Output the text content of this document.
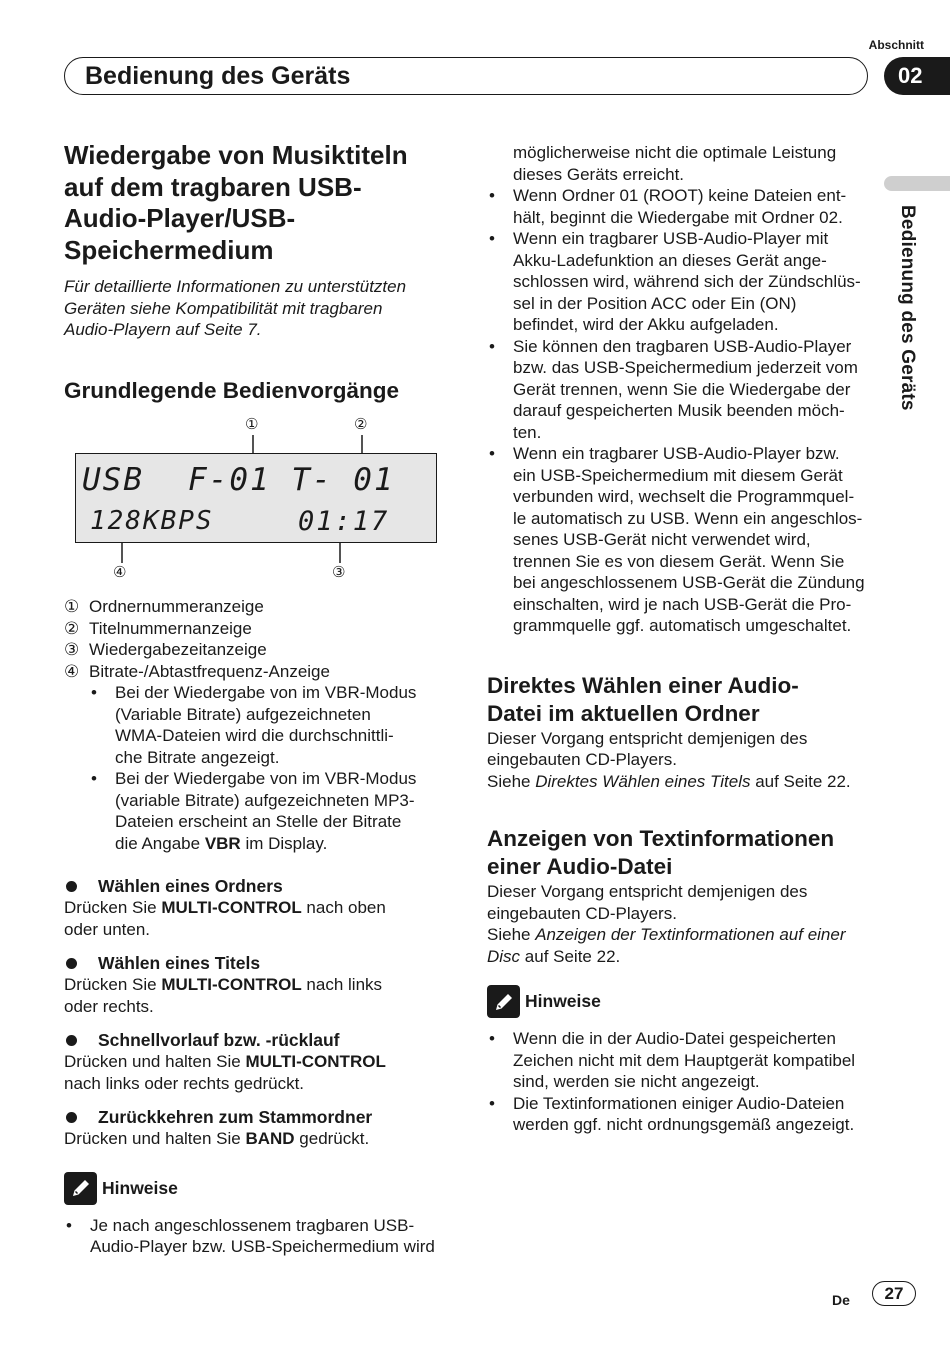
Abschnitt
Bedienung des Geräts	02
Bedienung des Geräts
Wiedergabe von Musiktiteln
auf dem tragbaren USB-
Audio-Player/USB-
Speichermedium
Für detaillierte Informationen zu unterstützten
Geräten siehe Kompatibilität mit tragbaren
Audio-Playern auf Seite 7.
Grundlegende Bedienvorgänge
①	②
USB F-01 T- 01
128KBPS	01:17
④	③
① Ordnernummeranzeige
② Titelnummernanzeige
③ Wiedergabezeitanzeige
④ Bitrate-/Abtastfrequenz-Anzeige
• Bei der Wiedergabe von im VBR-Modus
(Variable Bitrate) aufgezeichneten
WMA-Dateien wird die durchschnittli-
che Bitrate angezeigt.
• Bei der Wiedergabe von im VBR-Modus
(variable Bitrate) aufgezeichneten MP3-
Dateien erscheint an Stelle der Bitrate
die Angabe VBR im Display.
Wählen eines Ordners

Drücken Sie MULTI-CONTROL nach oben

oder unten.

Wählen eines Titels

Drücken Sie MULTI-CONTROL nach links

oder rechts.

Schnellvorlauf bzw. -rücklauf

Drücken und halten Sie MULTI-CONTROL

nach links oder rechts gedrückt.

Zurückkehren zum Stammordner

Drücken und halten Sie BAND gedrückt.

Hinweise
• Je nach angeschlossenem tragbaren USB-
Audio-Player bzw. USB-Speichermedium wird

möglicherweise nicht die optimale Leistung

dieses Geräts erreicht.

• Wenn Ordner 01 (ROOT) keine Dateien ent-
hält, beginnt die Wiedergabe mit Ordner 02.
• Wenn ein tragbarer USB-Audio-Player mit
Akku-Ladefunktion an dieses Gerät ange-
schlossen wird, während sich der Zündschlüs-
sel in der Position ACC oder Ein (ON)
befindet, wird der Akku aufgeladen.
• Sie können den tragbaren USB-Audio-Player
bzw. das USB-Speichermedium jederzeit vom
Gerät trennen, wenn Sie die Wiedergabe der
darauf gespeicherten Musik beenden möch-
ten.
• Wenn ein tragbarer USB-Audio-Player bzw.
ein USB-Speichermedium mit diesem Gerät
verbunden wird, wechselt die Programmquel-
le automatisch zu USB. Wenn ein angeschlos-
senes USB-Gerät nicht verwendet wird,
trennen Sie es von diesem Gerät. Wenn Sie
bei angeschlossenem USB-Gerät die Zündung
einschalten, wird je nach USB-Gerät die Pro-
grammquelle ggf. automatisch umgeschaltet.
Direktes Wählen einer Audio-
Datei im aktuellen Ordner

Dieser Vorgang entspricht demjenigen des

eingebauten CD-Players.

Siehe Direktes Wählen eines Titels auf Seite 22.

Anzeigen von Textinformationen
einer Audio-Datei

Dieser Vorgang entspricht demjenigen des

eingebauten CD-Players.

Siehe Anzeigen der Textinformationen auf einer

Disc auf Seite 22.

Hinweise
• Wenn die in der Audio-Datei gespeicherten
Zeichen nicht mit dem Hauptgerät kompatibel
sind, werden sie nicht angezeigt.
• Die Textinformationen einiger Audio-Dateien
werden ggf. nicht ordnungsgemäß angezeigt.
De	27
